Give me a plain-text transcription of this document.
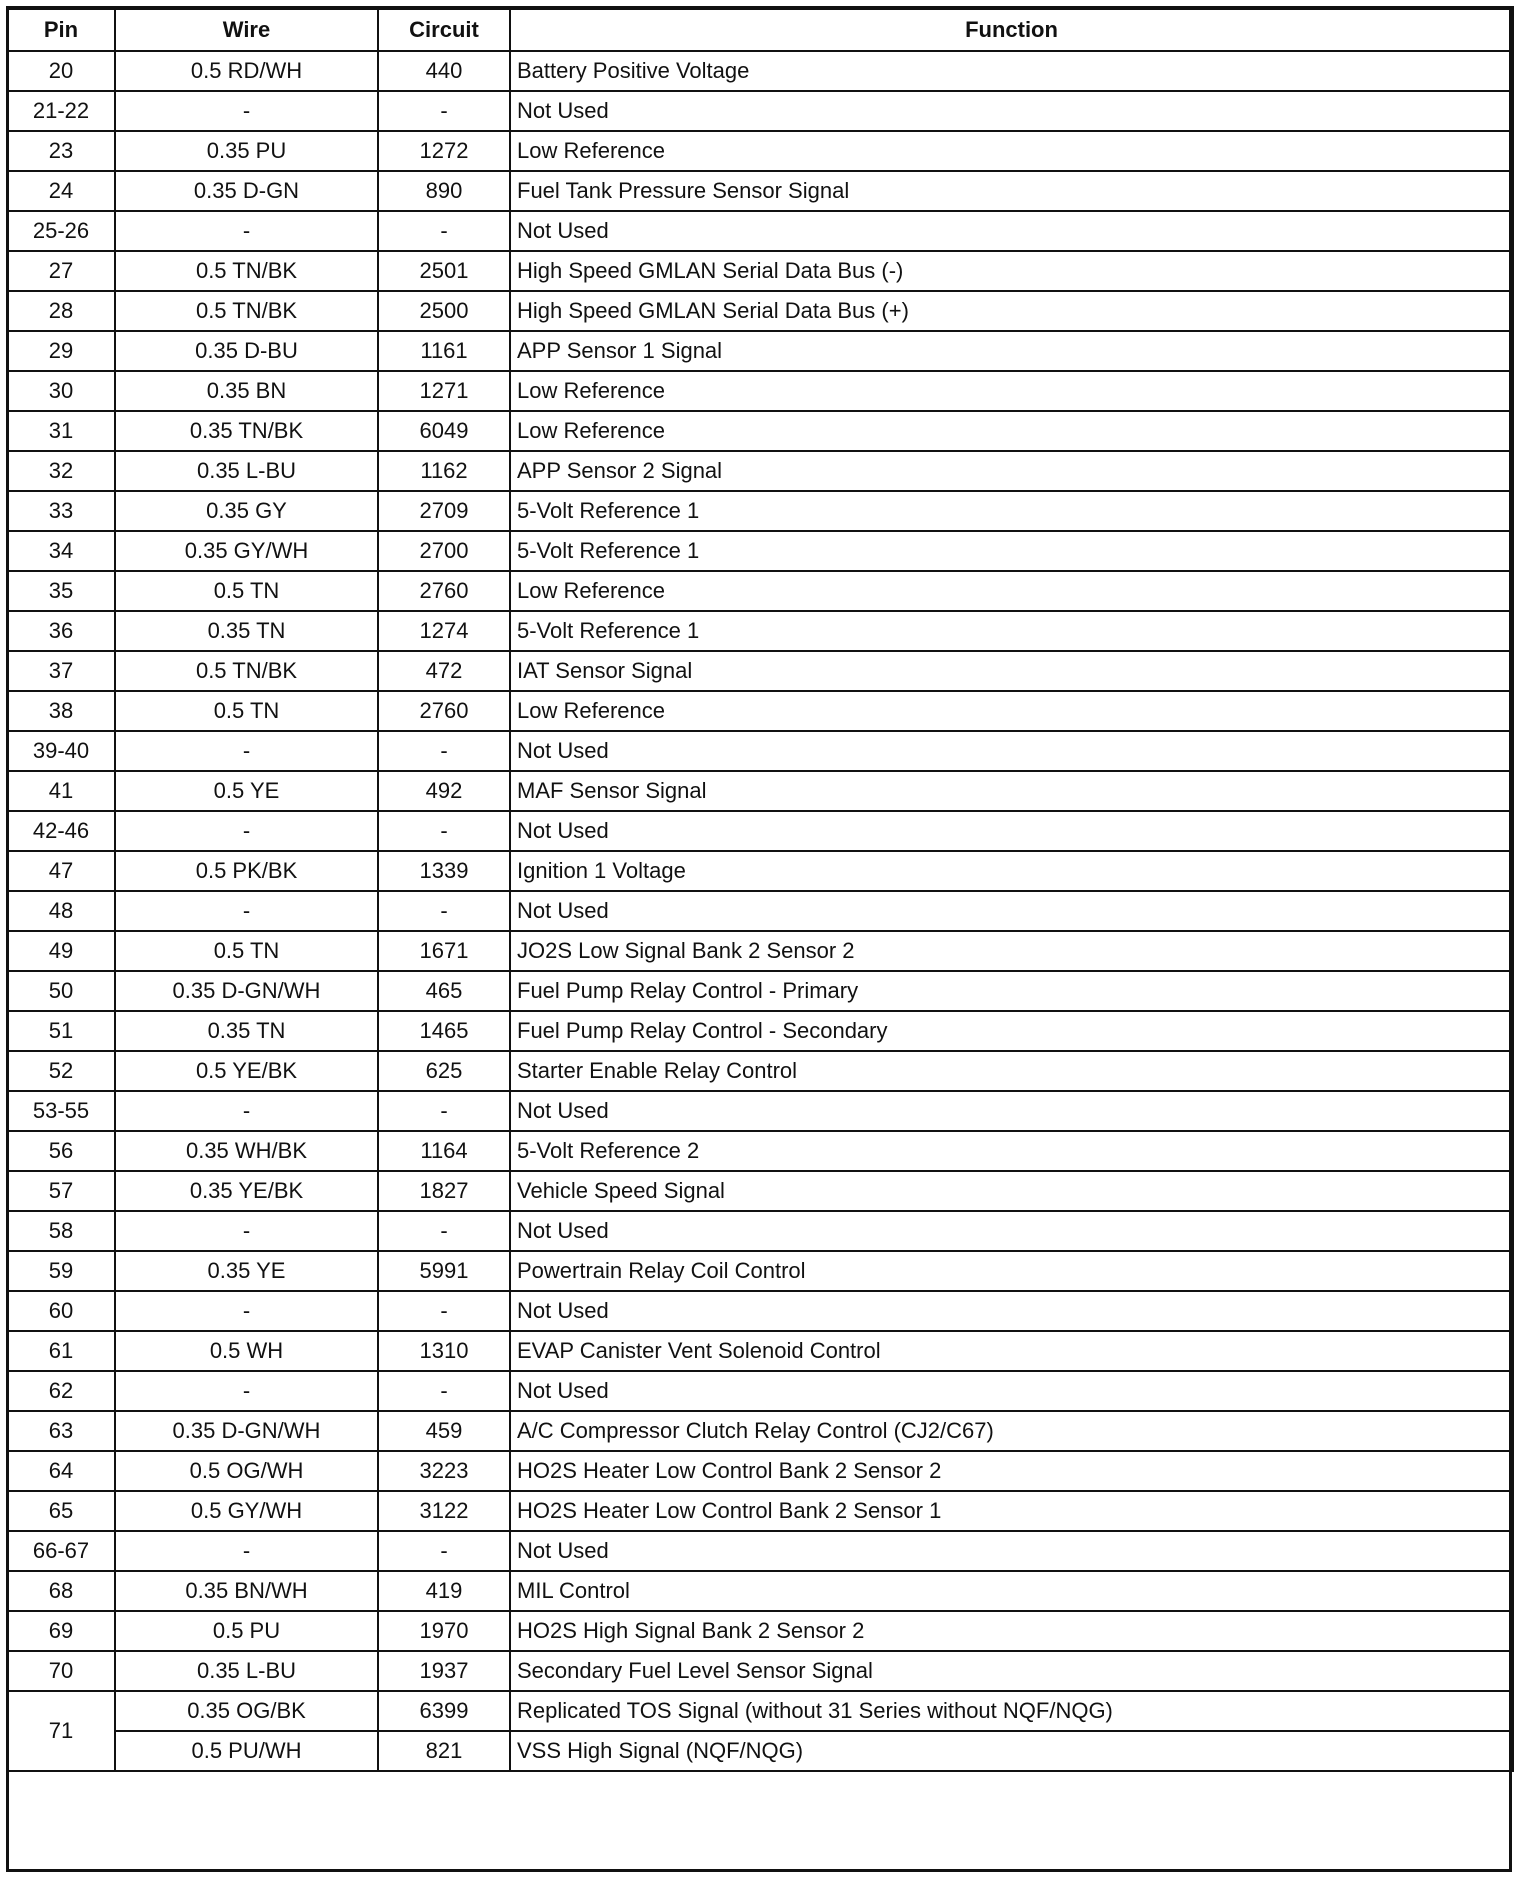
Pin	Wire	Circuit	Function
20	0.5 RD/WH	440	Battery Positive Voltage
21-22	-	-	Not Used
23	0.35 PU	1272	Low Reference
24	0.35 D-GN	890	Fuel Tank Pressure Sensor Signal
25-26	-	-	Not Used
27	0.5 TN/BK	2501	High Speed GMLAN Serial Data Bus (-)
28	0.5 TN/BK	2500	High Speed GMLAN Serial Data Bus (+)
29	0.35 D-BU	1161	APP Sensor 1 Signal
30	0.35 BN	1271	Low Reference
31	0.35 TN/BK	6049	Low Reference
32	0.35 L-BU	1162	APP Sensor 2 Signal
33	0.35 GY	2709	5-Volt Reference 1
34	0.35 GY/WH	2700	5-Volt Reference 1
35	0.5 TN	2760	Low Reference
36	0.35 TN	1274	5-Volt Reference 1
37	0.5 TN/BK	472	IAT Sensor Signal
38	0.5 TN	2760	Low Reference
39-40	-	-	Not Used
41	0.5 YE	492	MAF Sensor Signal
42-46	-	-	Not Used
47	0.5 PK/BK	1339	Ignition 1 Voltage
48	-	-	Not Used
49	0.5 TN	1671	JO2S Low Signal Bank 2 Sensor 2
50	0.35 D-GN/WH	465	Fuel Pump Relay Control - Primary
51	0.35 TN	1465	Fuel Pump Relay Control - Secondary
52	0.5 YE/BK	625	Starter Enable Relay Control
53-55	-	-	Not Used
56	0.35 WH/BK	1164	5-Volt Reference 2
57	0.35 YE/BK	1827	Vehicle Speed Signal
58	-	-	Not Used
59	0.35 YE	5991	Powertrain Relay Coil Control
60	-	-	Not Used
61	0.5 WH	1310	EVAP Canister Vent Solenoid Control
62	-	-	Not Used
63	0.35 D-GN/WH	459	A/C Compressor Clutch Relay Control (CJ2/C67)
64	0.5 OG/WH	3223	HO2S Heater Low Control Bank 2 Sensor 2
65	0.5 GY/WH	3122	HO2S Heater Low Control Bank 2 Sensor 1
66-67	-	-	Not Used
68	0.35 BN/WH	419	MIL Control
69	0.5 PU	1970	HO2S High Signal Bank 2 Sensor 2
70	0.35 L-BU	1937	Secondary Fuel Level Sensor Signal
71	0.35 OG/BK	6399	Replicated TOS Signal (without 31 Series without NQF/NQG)
	0.5 PU/WH	821	VSS High Signal (NQF/NQG)
